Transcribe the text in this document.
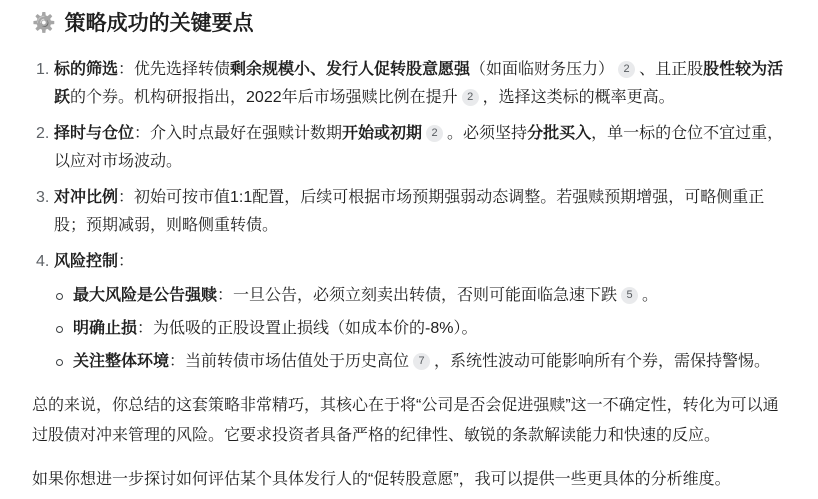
⚙️ 策略成功的关键要点
1. 标的筛选：优先选择转债剩余规模小、发行人促转股意愿强（如面临财务压力） 2 、且正股股性较为活跃的个券。机构研报指出，2022年后市场强赎比例在提升 2 ，选择这类标的概率更高。
2. 择时与仓位：介入时点最好在强赎计数期开始或初期 2 。必须坚持分批买入，单一标的仓位不宜过重，以应对市场波动。
3. 对冲比例：初始可按市值1:1配置，后续可根据市场预期强弱动态调整。若强赎预期增强，可略侧重正股；预期减弱，则略侧重转债。
4. 风险控制：
最大风险是公告强赎：一旦公告，必须立刻卖出转债，否则可能面临急速下跌 5 。
明确止损：为低吸的正股设置止损线（如成本价的-8%）。
关注整体环境：当前转债市场估值处于历史高位 7 ，系统性波动可能影响所有个券，需保持警惕。

总的来说，你总结的这套策略非常精巧，其核心在于将“公司是否会促进强赎”这一不确定性，转化为可以通过股债对冲来管理的风险。它要求投资者具备严格的纪律性、敏锐的条款解读能力和快速的反应。

如果你想进一步探讨如何评估某个具体发行人的“促转股意愿”，我可以提供一些更具体的分析维度。
